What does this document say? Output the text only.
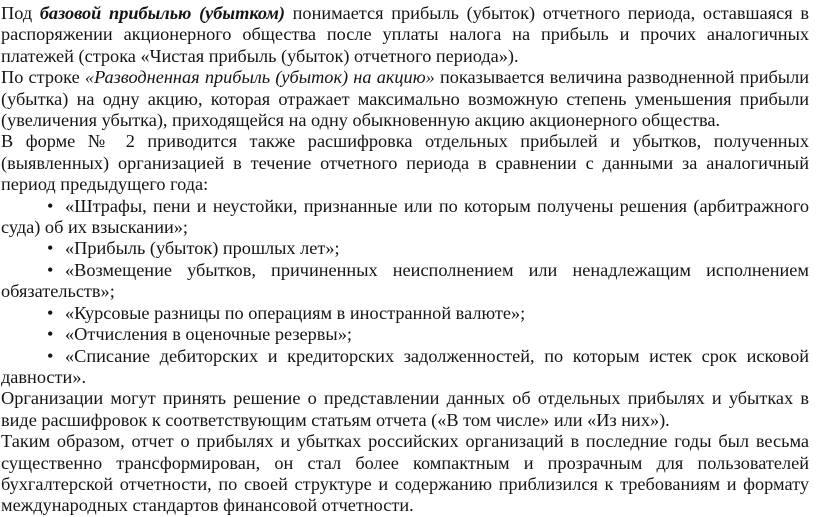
Под базовой прибылью (убытком) понимается прибыль (убыток) отчетного периода, оставшаяся в распоряжении акционерного общества после уплаты налога на прибыль и прочих аналогичных платежей (строка «Чистая прибыль (убыток) отчетного периода»).

По строке «Разводненная прибыль (убыток) на акцию» показывается величина разводненной прибыли (убытка) на одну акцию, которая отражает максимально возможную степень уменьшения прибыли (увеличения убытка), приходящейся на одну обыкновенную акцию акционерного общества.

В форме № 2 приводится также расшифровка отдельных прибылей и убытков, полученных (выявленных) организацией в течение отчетного периода в сравнении с данными за аналогичный период предыдущего года:

• «Штрафы, пени и неустойки, признанные или по которым получены решения (арбитражного суда) об их взыскании»;
• «Прибыль (убыток) прошлых лет»;
• «Возмещение убытков, причиненных неисполнением или ненадлежащим исполнением обязательств»;
• «Курсовые разницы по операциям в иностранной валюте»;
• «Отчисления в оценочные резервы»;
• «Списание дебиторских и кредиторских задолженностей, по которым истек срок исковой давности».

Организации могут принять решение о представлении данных об отдельных прибылях и убытках в виде расшифровок к соответствующим статьям отчета («В том числе» или «Из них»).

Таким образом, отчет о прибылях и убытках российских организаций в последние годы был весьма существенно трансформирован, он стал более компактным и прозрачным для пользователей бухгалтерской отчетности, по своей структуре и содержанию приблизился к требованиям и формату международных стандартов финансовой отчетности.
